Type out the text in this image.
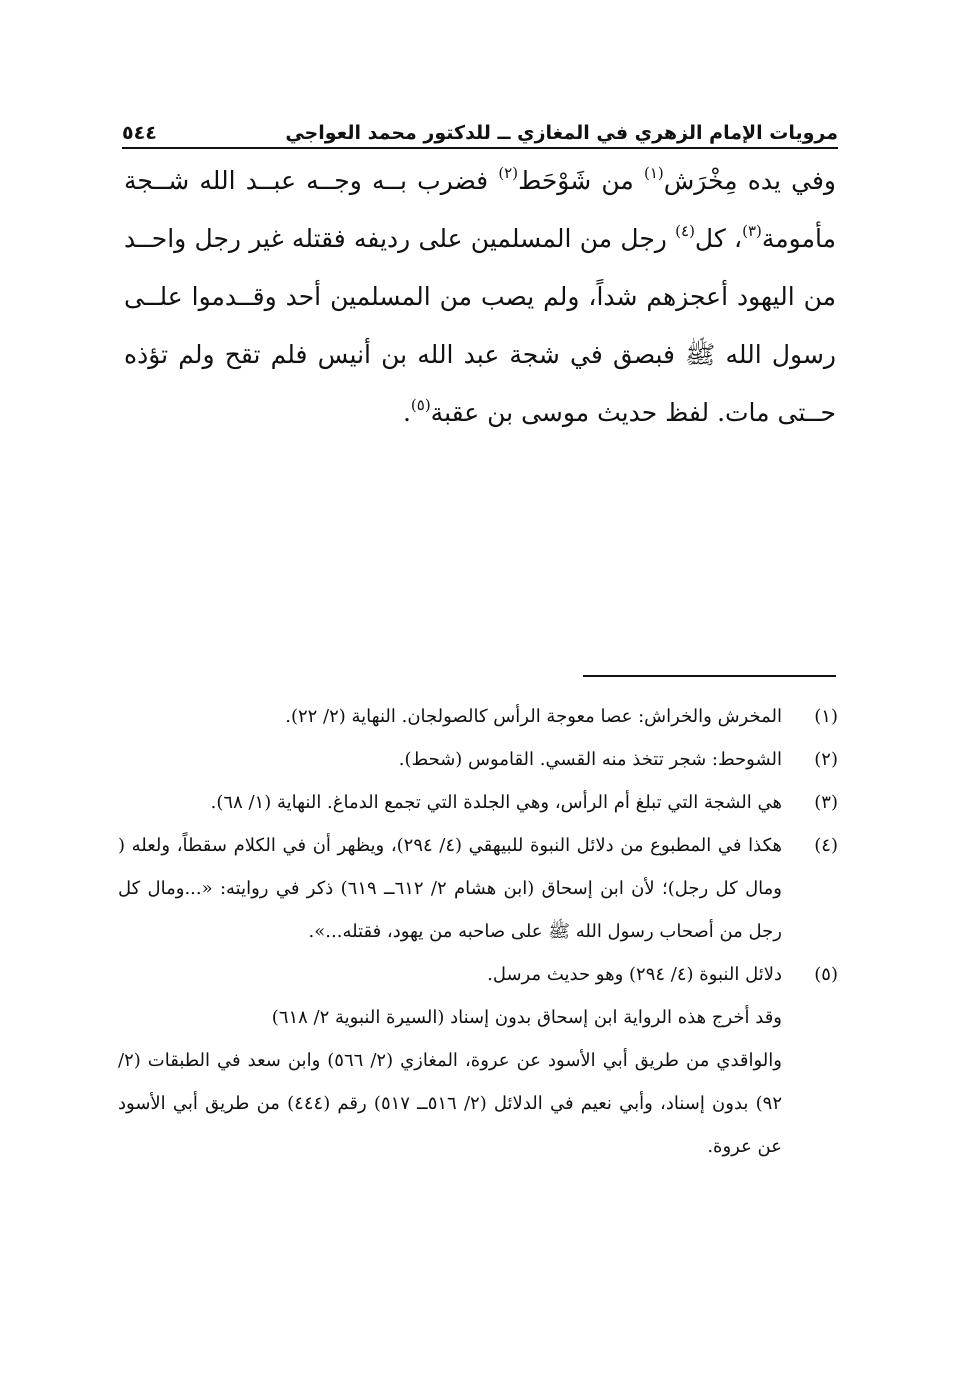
مرويات الإمام الزهري في المغازي ــ للدكتور محمد العواجي
٥٤٤

وفي يده مِخْرَش$^{(١)}$ من شَوْحَط$^{(٢)}$ فضرب بــه وجــه عبــد الله شــجة مأمومة$^{(٣)}$، كل$^{(٤)}$ رجل من المسلمين على رديفه فقتله غير رجل واحــد من اليهود أعجزهم شداً، ولم يصب من المسلمين أحد وقــدموا علــى رسول الله ﷺ فبصق في شجة عبد الله بن أنيس فلم تقح ولم تؤذه حــتى مات. لفظ حديث موسى بن عقبة$^{(٥)}$.

(١)
المخرش والخراش: عصا معوجة الرأس كالصولجان. النهاية (٢/ ٢٢).
(٢)
الشوحط: شجر تتخذ منه القسي. القاموس (شحط).
(٣)
هي الشجة التي تبلغ أم الرأس، وهي الجلدة التي تجمع الدماغ. النهاية (١/ ٦٨).
(٤)
هكذا في المطبوع من دلائل النبوة للبيهقي (٤/ ٢٩٤)، ويظهر أن في الكلام سقطاً، ولعله ( ومال كل رجل)؛ لأن ابن إسحاق (ابن هشام ٢/ ٦١٢ــ ٦١٩) ذكر في روايته: «...ومال كل رجل من أصحاب رسول الله ﷺ على صاحبه من يهود، فقتله...».
(٥)
دلائل النبوة (٤/ ٢٩٤) وهو حديث مرسل.

وقد أخرج هذه الرواية ابن إسحاق بدون إسناد (السيرة النبوية ٢/ ٦١٨)

والواقدي من طريق أبي الأسود عن عروة، المغازي (٢/ ٥٦٦) وابن سعد في الطبقات (٢/ ٩٢) بدون إسناد، وأبي نعيم في الدلائل (٢/ ٥١٦ــ ٥١٧) رقم (٤٤٤) من طريق أبي الأسود عن عروة.
